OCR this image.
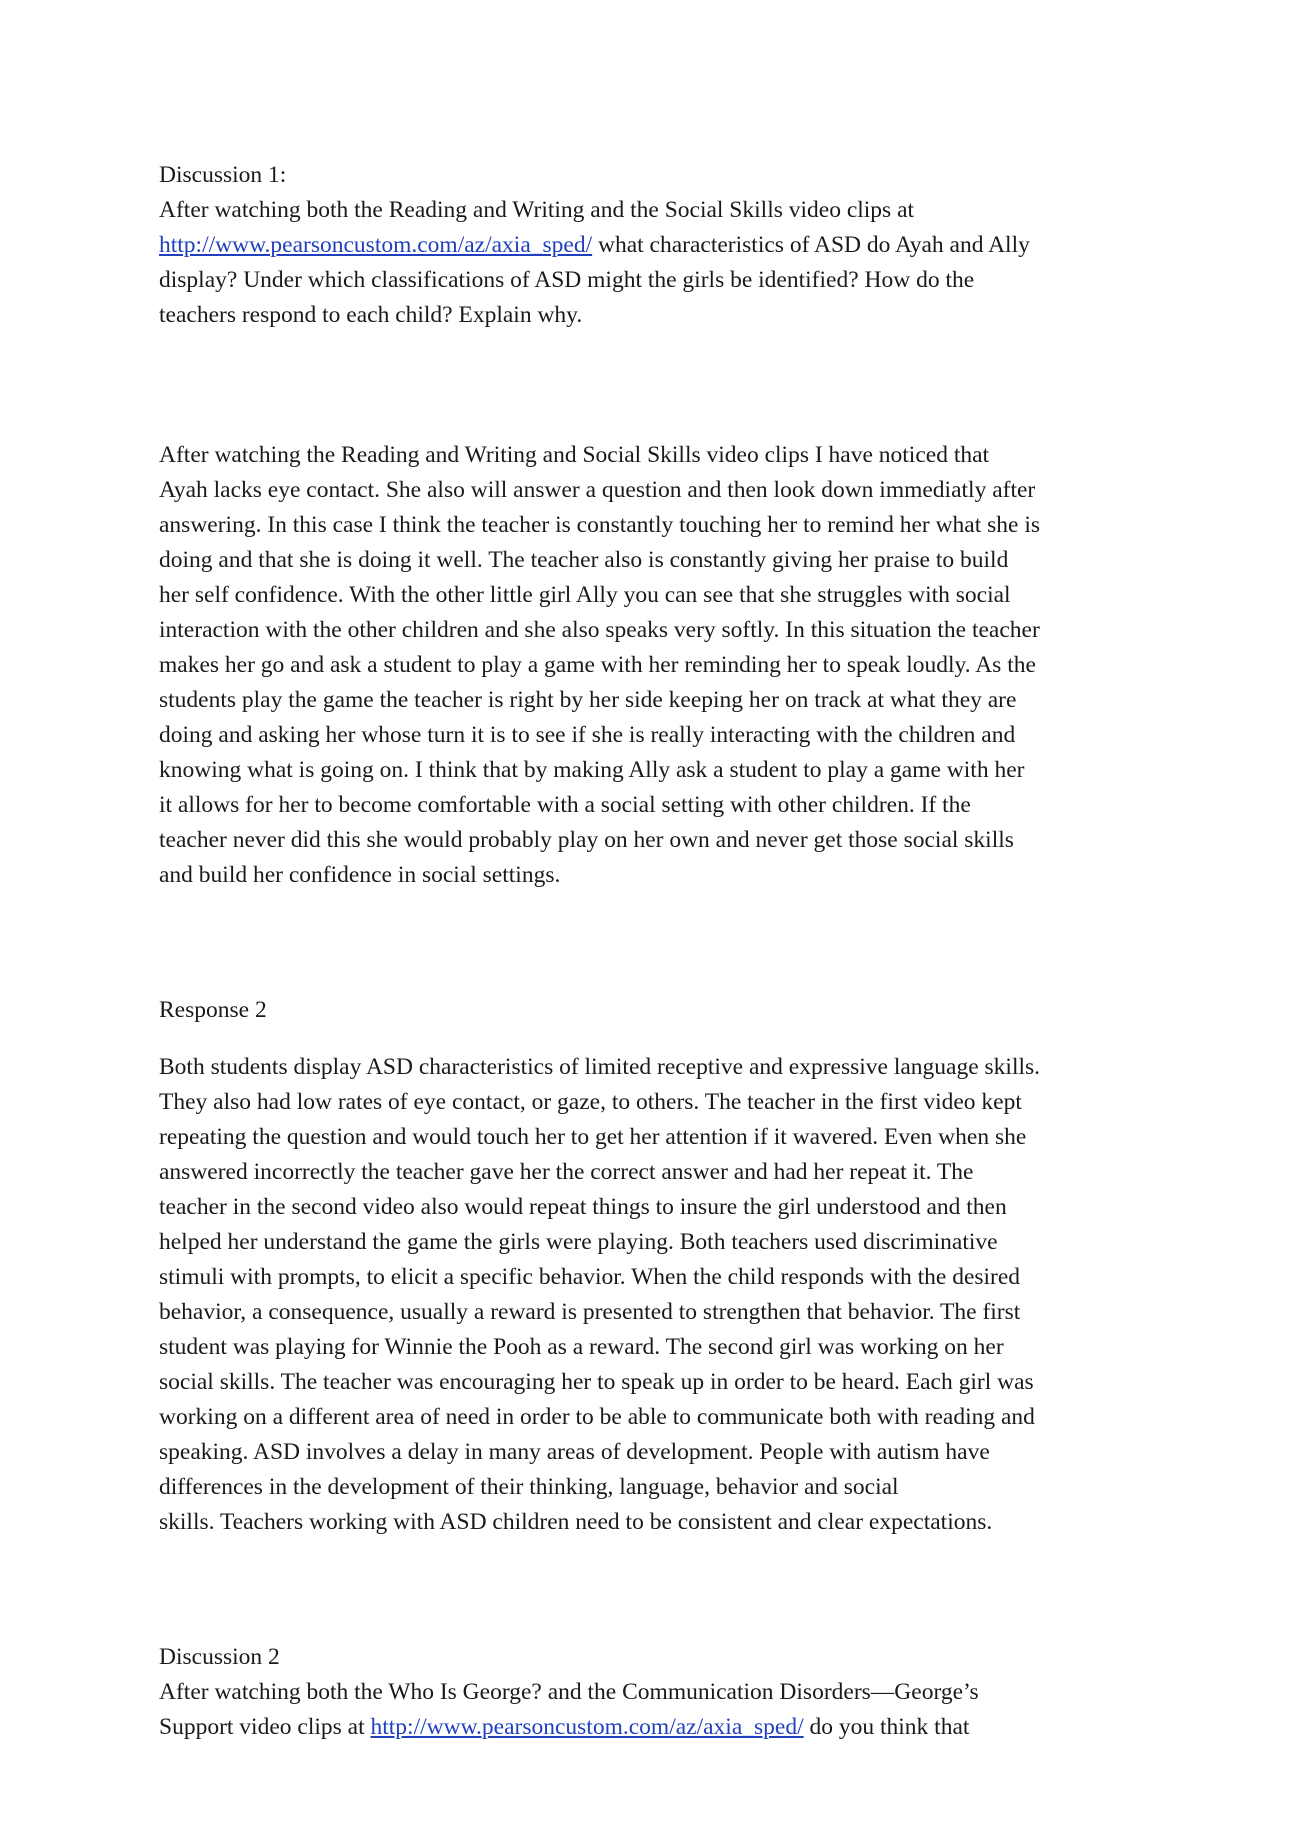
Discussion 1:
After watching both the Reading and Writing and the Social Skills video clips at
http://www.pearsoncustom.com/az/axia_sped/ what characteristics of ASD do Ayah and Ally
display? Under which classifications of ASD might the girls be identified? How do the
teachers respond to each child? Explain why.
After watching the Reading and Writing and Social Skills video clips I have noticed that
Ayah lacks eye contact. She also will answer a question and then look down immediatly after
answering. In this case I think the teacher is constantly touching her to remind her what she is
doing and that she is doing it well. The teacher also is constantly giving her praise to build
her self confidence. With the other little girl Ally you can see that she struggles with social
interaction with the other children and she also speaks very softly. In this situation the teacher
makes her go and ask a student to play a game with her reminding her to speak loudly. As the
students play the game the teacher is right by her side keeping her on track at what they are
doing and asking her whose turn it is to see if she is really interacting with the children and
knowing what is going on. I think that by making Ally ask a student to play a game with her
it allows for her to become comfortable with a social setting with other children. If the
teacher never did this she would probably play on her own and never get those social skills
and build her confidence in social settings.
Response 2
Both students display ASD characteristics of limited receptive and expressive language skills.
They also had low rates of eye contact, or gaze, to others. The teacher in the first video kept
repeating the question and would touch her to get her attention if it wavered. Even when she
answered incorrectly the teacher gave her the correct answer and had her repeat it. The
teacher in the second video also would repeat things to insure the girl understood and then
helped her understand the game the girls were playing. Both teachers used discriminative
stimuli with prompts, to elicit a specific behavior. When the child responds with the desired
behavior, a consequence, usually a reward is presented to strengthen that behavior. The first
student was playing for Winnie the Pooh as a reward. The second girl was working on her
social skills. The teacher was encouraging her to speak up in order to be heard. Each girl was
working on a different area of need in order to be able to communicate both with reading and
speaking. ASD involves a delay in many areas of development. People with autism have
differences in the development of their thinking, language, behavior and social
skills. Teachers working with ASD children need to be consistent and clear expectations.
Discussion 2
After watching both the Who Is George? and the Communication Disorders—George’s
Support video clips at http://www.pearsoncustom.com/az/axia_sped/ do you think that
